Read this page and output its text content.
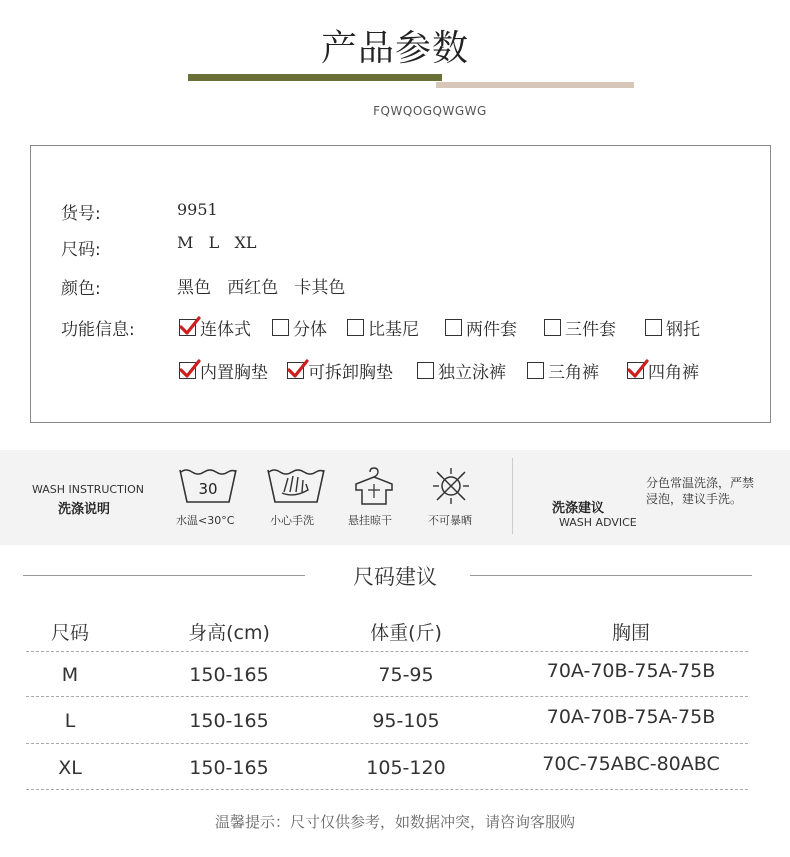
产品参数
FQWQOGQWGWG
货号:	9951
尺码:	M   L   XL
颜色:	黑色   西红色   卡其色
功能信息:	连体式 分体 比基尼	两件套	三件套	钢托
内置胸垫 可拆卸胸垫	独立泳裤 三角裤	四角裤
WASH INSTRUCTION
洗涤说明
30
水温<30°C	小心手洗	悬挂晾干	不可暴晒
洗涤建议
WASH ADVICE
分色常温洗涤，严禁浸泡，建议手洗。
尺码建议
尺码	身高(cm)	体重(斤)	胸围
M	150-165	75-95	70A-70B-75A-75B
L	150-165	95-105	70A-70B-75A-75B
XL	150-165	105-120	70C-75ABC-80ABC
温馨提示：尺寸仅供参考，如数据冲突，请咨询客服购
